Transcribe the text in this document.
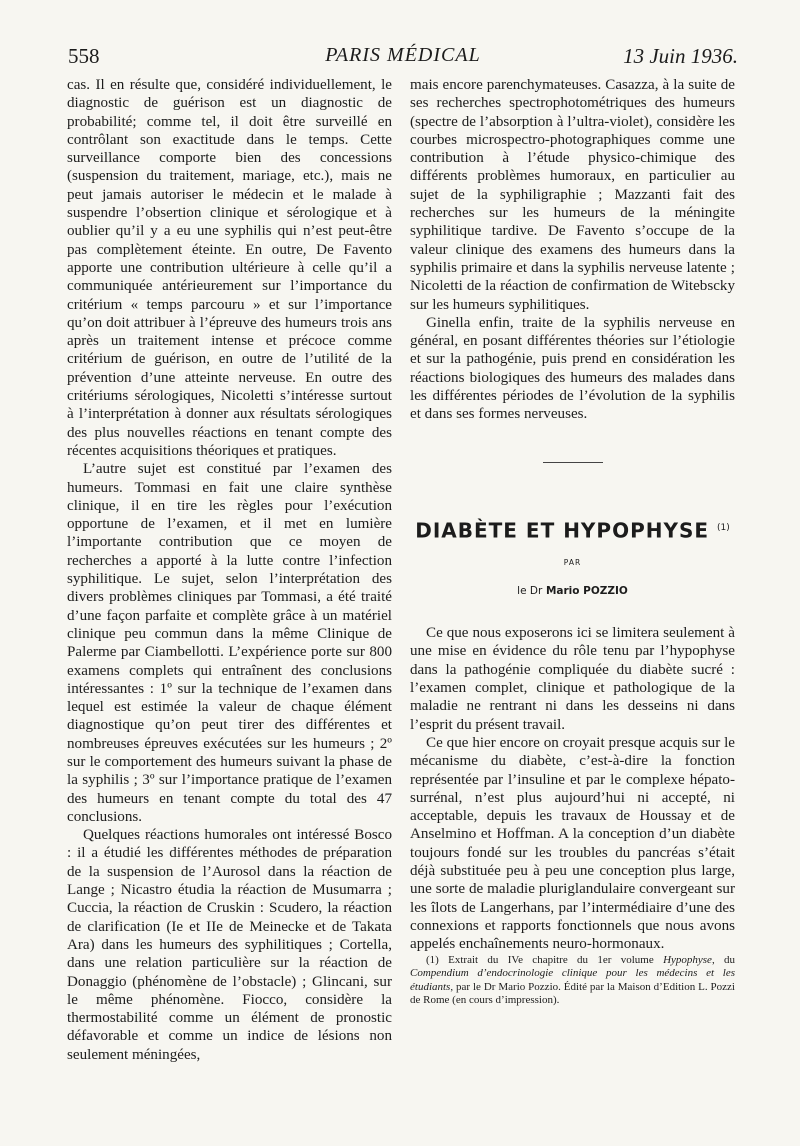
558	PARIS MÉDICAL	13 Juin 1936.

cas. Il en résulte que, considéré individuellement, le diagnostic de guérison est un diagnostic de probabilité; comme tel, il doit être surveillé en contrôlant son exactitude dans le temps. Cette surveillance comporte bien des concessions (suspension du traitement, mariage, etc.), mais ne peut jamais autoriser le médecin et le malade à suspendre l’obsertion clinique et sérologique et à oublier qu’il y a eu une syphilis qui n’est peut-être pas complètement éteinte. En outre, De Favento apporte une contribution ultérieure à celle qu’il a communiquée antérieurement sur l’importance du critérium « temps parcouru » et sur l’importance qu’on doit attribuer à l’épreuve des humeurs trois ans après un traitement intense et précoce comme critérium de guérison, en outre de l’utilité de la prévention d’une atteinte nerveuse. En outre des critériums sérologiques, Nicoletti s’intéresse surtout à l’interprétation à donner aux résultats sérologiques des plus nouvelles réactions en tenant compte des récentes acquisitions théoriques et pratiques.

L’autre sujet est constitué par l’examen des humeurs. Tommasi en fait une claire synthèse clinique, il en tire les règles pour l’exécution opportune de l’examen, et il met en lumière l’importante contribution que ce moyen de recherches a apporté à la lutte contre l’infection syphilitique. Le sujet, selon l’interprétation des divers problèmes cliniques par Tommasi, a été traité d’une façon parfaite et complète grâce à un matériel clinique peu commun dans la même Clinique de Palerme par Ciambellotti. L’expérience porte sur 800 examens complets qui entraînent des conclusions intéressantes : 1º sur la technique de l’examen dans lequel est estimée la valeur de chaque élément diagnostique qu’on peut tirer des différentes et nombreuses épreuves exécutées sur les humeurs ; 2º sur le comportement des humeurs suivant la phase de la syphilis ; 3º sur l’importance pratique de l’examen des humeurs en tenant compte du total des 47 conclusions.

Quelques réactions humorales ont intéressé Bosco : il a étudié les différentes méthodes de préparation de la suspension de l’Aurosol dans la réaction de Lange ; Nicastro étudia la réaction de Musumarra ; Cuccia, la réaction de Cruskin : Scudero, la réaction de clarification (Ie et IIe de Meinecke et de Takata Ara) dans les humeurs des syphilitiques ; Cortella, dans une relation particulière sur la réaction de Donaggio (phénomène de l’obstacle) ; Glincani, sur le même phénomène. Fiocco, considère la thermostabilité comme un élément de pronostic défavorable et comme un indice de lésions non seulement méningées,

mais encore parenchymateuses. Casazza, à la suite de ses recherches spectrophotométriques des humeurs (spectre de l’absorption à l’ultra-violet), considère les courbes microspectro-photographiques comme une contribution à l’étude physico-chimique des différents problèmes humoraux, en particulier au sujet de la syphiligraphie ; Mazzanti fait des recherches sur les humeurs de la méningite syphilitique tardive. De Favento s’occupe de la valeur clinique des examens des humeurs dans la syphilis primaire et dans la syphilis nerveuse latente ; Nicoletti de la réaction de confirmation de Witebscky sur les humeurs syphilitiques.

Ginella enfin, traite de la syphilis nerveuse en général, en posant différentes théories sur l’étiologie et sur la pathogénie, puis prend en considération les réactions biologiques des humeurs des malades dans les différentes périodes de l’évolution de la syphilis et dans ses formes nerveuses.

DIABÈTE ET HYPOPHYSE $^{(1)}$
PAR
le Dr Mario POZZIO

Ce que nous exposerons ici se limitera seulement à une mise en évidence du rôle tenu par l’hypophyse dans la pathogénie compliquée du diabète sucré : l’examen complet, clinique et pathologique de la maladie ne rentrant ni dans les desseins ni dans l’esprit du présent travail.

Ce que hier encore on croyait presque acquis sur le mécanisme du diabète, c’est-à-dire la fonction représentée par l’insuline et par le complexe hépato-surrénal, n’est plus aujourd’hui ni accepté, ni acceptable, depuis les travaux de Houssay et de Anselmino et Hoffman. A la conception d’un diabète toujours fondé sur les troubles du pancréas s’était déjà substituée peu à peu une conception plus large, une sorte de maladie pluriglandulaire convergeant sur les îlots de Langerhans, par l’intermédiaire d’une des connexions et rapports fonctionnels que nous avons appelés enchaînements neuro-hormonaux.

(1) Extrait du IVe chapitre du 1er volume Hypophyse, du Compendium d’endocrinologie clinique pour les médecins et les étudiants, par le Dr Mario Pozzio. Édité par la Maison d’Edition L. Pozzi de Rome (en cours d’impression).
